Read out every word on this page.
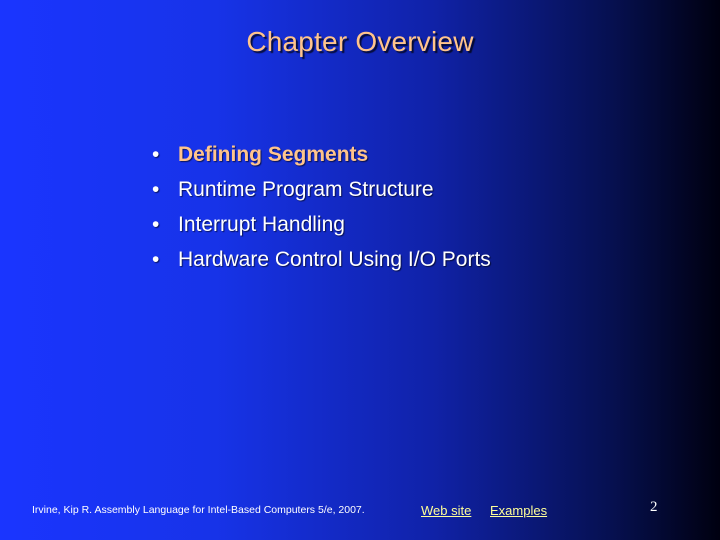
Chapter Overview
• Defining Segments
• Runtime Program Structure
• Interrupt Handling
• Hardware Control Using I/O Ports
Irvine, Kip R. Assembly Language for Intel-Based Computers 5/e, 2007.	Web site Examples	2
